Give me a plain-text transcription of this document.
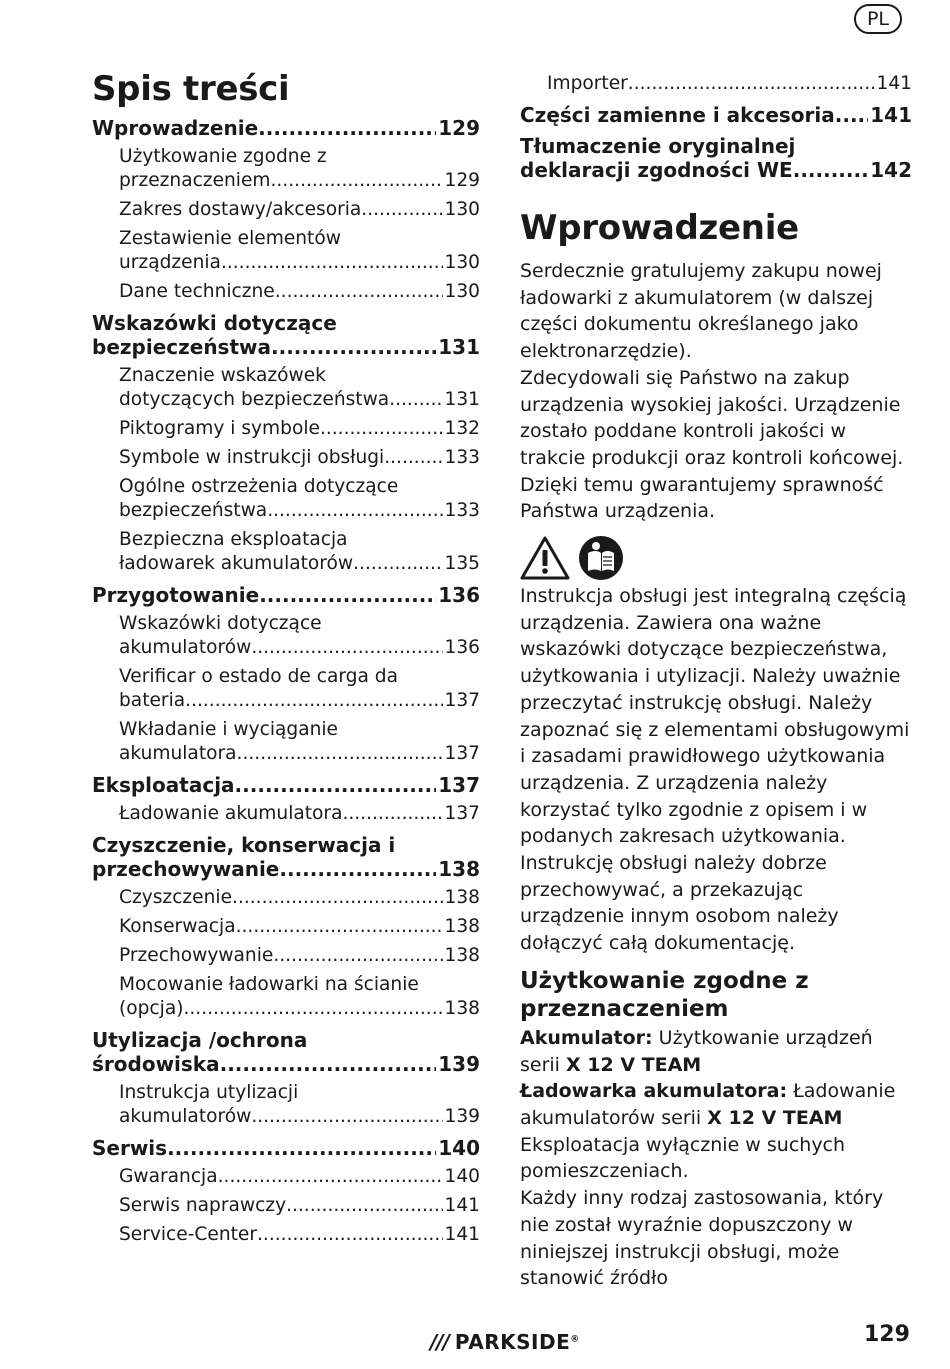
PL
Spis treści
Wprowadzenie .....	129
Użytkowanie zgodne z
przeznaczeniem .....	129
Zakres dostawy/akcesoria .....	130
Zestawienie elementów
urządzenia .....	130
Dane techniczne .....	130
Wskazówki dotyczące
bezpieczeństwa .....	131
Znaczenie wskazówek
dotyczących bezpieczeństwa .....	131
Piktogramy i symbole .....	132
Symbole w instrukcji obsługi .....	133
Ogólne ostrzeżenia dotyczące
bezpieczeństwa .....	133
Bezpieczna eksploatacja
ładowarek akumulatorów .....	135
Przygotowanie .....	136
Wskazówki dotyczące
akumulatorów .....	136
Verificar o estado de carga da
bateria .....	137
Wkładanie i wyciąganie
akumulatora .....	137
Eksploatacja .....	137
Ładowanie akumulatora .....	137
Czyszczenie, konserwacja i
przechowywanie .....	138
Czyszczenie .....	138
Konserwacja .....	138
Przechowywanie .....	138
Mocowanie ładowarki na ścianie
(opcja) .....	138
Utylizacja /ochrona
środowiska .....	139
Instrukcja utylizacji
akumulatorów .....	139
Serwis .....	140
Gwarancja .....	140
Serwis naprawczy .....	141
Service-Center .....	141
Importer .....	141
Części zamienne i akcesoria ..... 141
Tłumaczenie oryginalnej
deklaracji zgodności WE .....	142
Wprowadzenie

Serdecznie gratulujemy zakupu nowej ładowarki z akumulatorem (w dalszej części dokumentu określanego jako elektronarzędzie).

Zdecydowali się Państwo na zakup urządzenia wysokiej jakości. Urządzenie zostało poddane kontroli jakości w trakcie produkcji oraz kontroli końcowej. Dzięki temu gwarantujemy sprawność Państwa urządzenia.

Instrukcja obsługi jest integralną częścią urządzenia. Zawiera ona ważne wskazówki dotyczące bezpieczeństwa, użytkowania i utylizacji. Należy uważnie przeczytać instrukcję obsługi. Należy zapoznać się z elementami obsługowymi i zasadami prawidłowego użytkowania urządzenia. Z urządzenia należy korzystać tylko zgodnie z opisem i w podanych zakresach użytkowania. Instrukcję obsługi należy dobrze przechowywać, a przekazując urządzenie innym osobom należy dołączyć całą dokumentację.

Użytkowanie zgodne z przeznaczeniem

Akumulator: Użytkowanie urządzeń serii X 12 V TEAM

Ładowarka akumulatora: Ładowanie akumulatorów serii X 12 V TEAM

Eksploatacja wyłącznie w suchych pomieszczeniach.

Każdy inny rodzaj zastosowania, który nie został wyraźnie dopuszczony w niniejszej instrukcji obsługi, może stanowić źródło

/// PARKSIDE®	129
